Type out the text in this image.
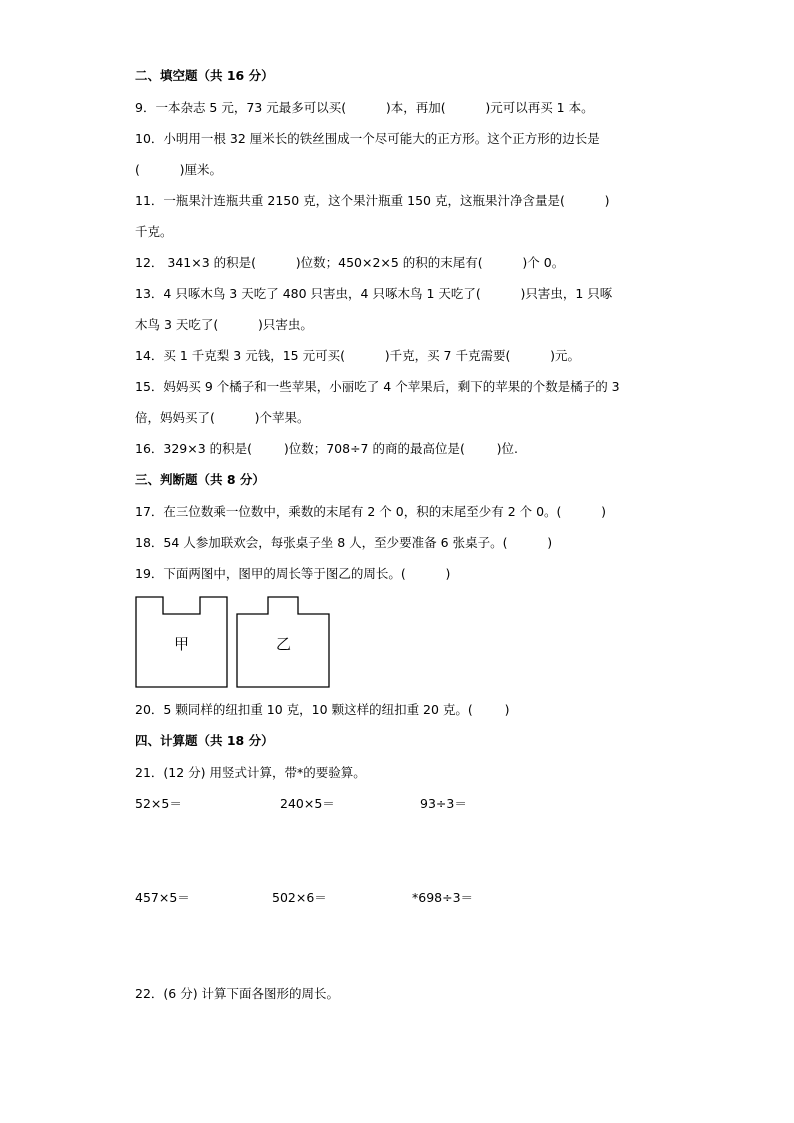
二、填空题（共 16 分）
9．一本杂志 5 元，73 元最多可以买(          )本，再加(          )元可以再买 1 本。
10．小明用一根 32 厘米长的铁丝围成一个尽可能大的正方形。这个正方形的边长是
(          )厘米。
11．一瓶果汁连瓶共重 2150 克，这个果汁瓶重 150 克，这瓶果汁净含量是(          )
千克。
12． 341×3 的积是(          )位数；450×2×5 的积的末尾有(          )个 0。
13．4 只啄木鸟 3 天吃了 480 只害虫，4 只啄木鸟 1 天吃了(          )只害虫，1 只啄
木鸟 3 天吃了(          )只害虫。
14．买 1 千克梨 3 元钱，15 元可买(          )千克，买 7 千克需要(          )元。
15．妈妈买 9 个橘子和一些苹果，小丽吃了 4 个苹果后，剩下的苹果的个数是橘子的 3
倍，妈妈买了(          )个苹果。
16．329×3 的积是(        )位数；708÷7 的商的最高位是(        )位.
三、判断题（共 8 分）
17．在三位数乘一位数中，乘数的末尾有 2 个 0，积的末尾至少有 2 个 0。(          )
18．54 人参加联欢会，每张桌子坐 8 人，至少要准备 6 张桌子。(          )
19．下面两图中，图甲的周长等于图乙的周长。(          )
甲	乙
20．5 颗同样的纽扣重 10 克，10 颗这样的纽扣重 20 克。(        )
四、计算题（共 18 分）
21．(12 分) 用竖式计算，带*的要验算。
52×5＝	240×5＝	93÷3＝
457×5＝	502×6＝	*698÷3＝
22．(6 分) 计算下面各图形的周长。
